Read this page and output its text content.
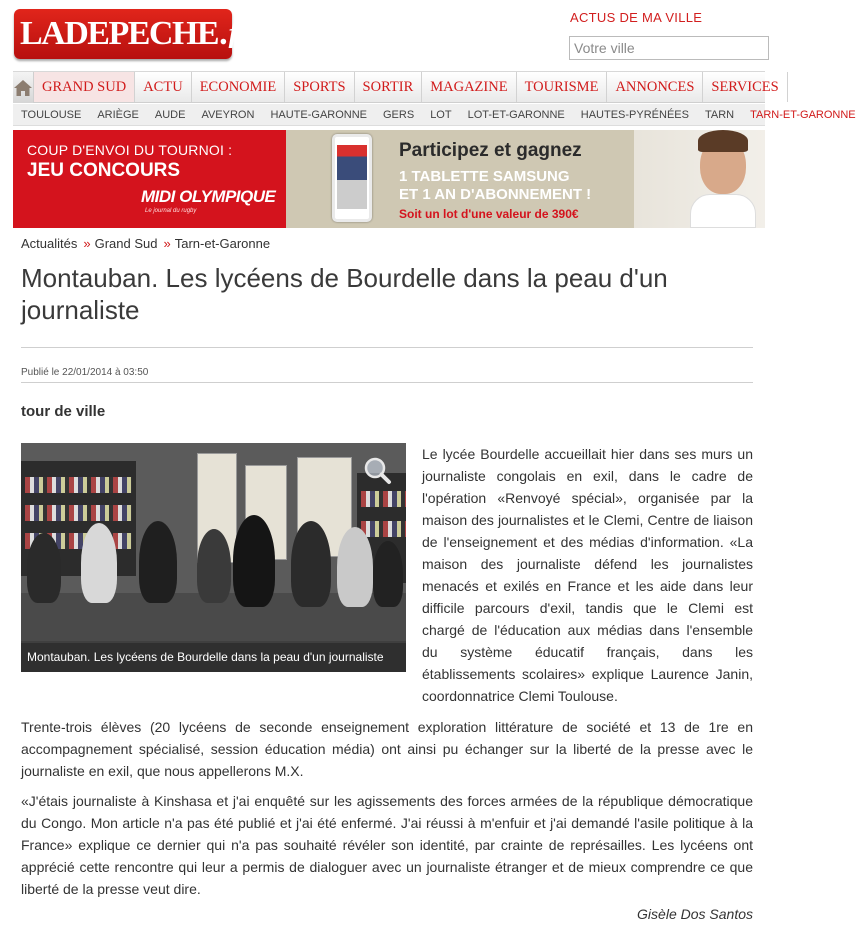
LADEPECHE . fr
ACTUS DE MA VILLE
Votre ville
GRAND SUD	ACTU	ECONOMIE	SPORTS	SORTIR	MAGAZINE	TOURISME	ANNONCES	SERVICES
TOULOUSE	ARIÈGE	AUDE	AVEYRON	HAUTE-GARONNE	GERS	LOT	LOT-ET-GARONNE	HAUTES-PYRÉNÉES	TARN	TARN-ET-GARONNE
COUP D'ENVOI DU TOURNOI :
JEU CONCOURS
MIDI OLYMPIQUE
Le journal du rugby
Participez et gagnez
1 TABLETTE SAMSUNG
ET 1 AN D'ABONNEMENT !
Soit un lot d'une valeur de 390€
Actualités » Grand Sud » Tarn-et-Garonne
Montauban. Les lycéens de Bourdelle dans la peau d'un journaliste
Publié le 22/01/2014 à 03:50
tour de ville

Le lycée Bourdelle accueillait hier dans ses murs un journaliste congolais en exil, dans le cadre de l'opération «Renvoyé spécial», organisée par la maison des journalistes et le Clemi, Centre de liaison de l'enseignement et des médias d'information. «La maison des journaliste défend les journalistes menacés et exilés en France et les aide dans leur difficile parcours d'exil, tandis que le Clemi est chargé de l'éducation aux médias dans l'ensemble du système éducatif français, dans les établissements scolaires» explique Laurence Janin, coordonnatrice Clemi Toulouse.

Montauban. Les lycéens de Bourdelle dans la peau d'un journaliste

Trente-trois élèves (20 lycéens de seconde enseignement exploration littérature de société et 13 de 1re en accompagnement spécialisé, session éducation média) ont ainsi pu échanger sur la liberté de la presse avec le journaliste en exil, que nous appellerons M.X.

«J'étais journaliste à Kinshasa et j'ai enquêté sur les agissements des forces armées de la république démocratique du Congo. Mon article n'a pas été publié et j'ai été enfermé. J'ai réussi à m'enfuir et j'ai demandé l'asile politique à la France» explique ce dernier qui n'a pas souhaité révéler son identité, par crainte de représailles. Les lycéens ont apprécié cette rencontre qui leur a permis de dialoguer avec un journaliste étranger et de mieux comprendre ce que liberté de la presse veut dire.

Gisèle Dos Santos
